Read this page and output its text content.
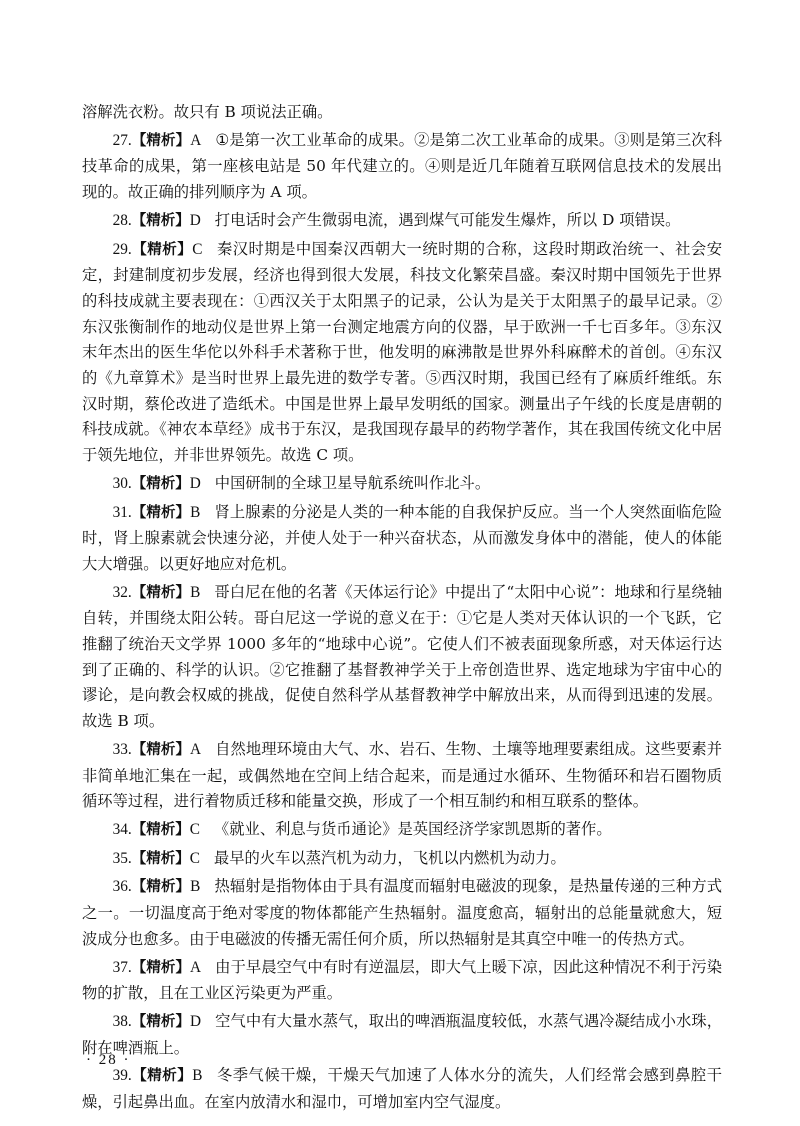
溶解洗衣粉。故只有 B 项说法正确。

27.【精析】A ①是第一次工业革命的成果。②是第二次工业革命的成果。③则是第三次科技革命的成果，第一座核电站是 50 年代建立的。④则是近几年随着互联网信息技术的发展出现的。故正确的排列顺序为 A 项。

28.【精析】D 打电话时会产生微弱电流，遇到煤气可能发生爆炸，所以 D 项错误。

29.【精析】C 秦汉时期是中国秦汉西朝大一统时期的合称，这段时期政治统一、社会安定，封建制度初步发展，经济也得到很大发展，科技文化繁荣昌盛。秦汉时期中国领先于世界的科技成就主要表现在：①西汉关于太阳黑子的记录，公认为是关于太阳黑子的最早记录。②东汉张衡制作的地动仪是世界上第一台测定地震方向的仪器，早于欧洲一千七百多年。③东汉末年杰出的医生华佗以外科手术著称于世，他发明的麻沸散是世界外科麻醉术的首创。④东汉的《九章算术》是当时世界上最先进的数学专著。⑤西汉时期，我国已经有了麻质纤维纸。东汉时期，蔡伦改进了造纸术。中国是世界上最早发明纸的国家。测量出子午线的长度是唐朝的科技成就。《神农本草经》成书于东汉，是我国现存最早的药物学著作，其在我国传统文化中居于领先地位，并非世界领先。故选 C 项。

30.【精析】D 中国研制的全球卫星导航系统叫作北斗。

31.【精析】B 肾上腺素的分泌是人类的一种本能的自我保护反应。当一个人突然面临危险时，肾上腺素就会快速分泌，并使人处于一种兴奋状态，从而激发身体中的潜能，使人的体能大大增强。以更好地应对危机。

32.【精析】B 哥白尼在他的名著《天体运行论》中提出了“太阳中心说”：地球和行星绕轴自转，并围绕太阳公转。哥白尼这一学说的意义在于：①它是人类对天体认识的一个飞跃，它推翻了统治天文学界 1000 多年的“地球中心说”。它使人们不被表面现象所惑，对天体运行达到了正确的、科学的认识。②它推翻了基督教神学关于上帝创造世界、选定地球为宇宙中心的谬论，是向教会权威的挑战，促使自然科学从基督教神学中解放出来，从而得到迅速的发展。故选 B 项。

33.【精析】A 自然地理环境由大气、水、岩石、生物、土壤等地理要素组成。这些要素并非简单地汇集在一起，或偶然地在空间上结合起来，而是通过水循环、生物循环和岩石圈物质循环等过程，进行着物质迁移和能量交换，形成了一个相互制约和相互联系的整体。

34.【精析】C 《就业、利息与货币通论》是英国经济学家凯恩斯的著作。

35.【精析】C 最早的火车以蒸汽机为动力，飞机以内燃机为动力。

36.【精析】B 热辐射是指物体由于具有温度而辐射电磁波的现象，是热量传递的三种方式之一。一切温度高于绝对零度的物体都能产生热辐射。温度愈高，辐射出的总能量就愈大，短波成分也愈多。由于电磁波的传播无需任何介质，所以热辐射是其真空中唯一的传热方式。

37.【精析】A 由于早晨空气中有时有逆温层，即大气上暖下凉，因此这种情况不利于污染物的扩散，且在工业区污染更为严重。

38.【精析】D 空气中有大量水蒸气，取出的啤酒瓶温度较低，水蒸气遇冷凝结成小水珠，附在啤酒瓶上。

39.【精析】B 冬季气候干燥，干燥天气加速了人体水分的流失，人们经常会感到鼻腔干燥，引起鼻出血。在室内放清水和湿巾，可增加室内空气湿度。

· 28 ·
